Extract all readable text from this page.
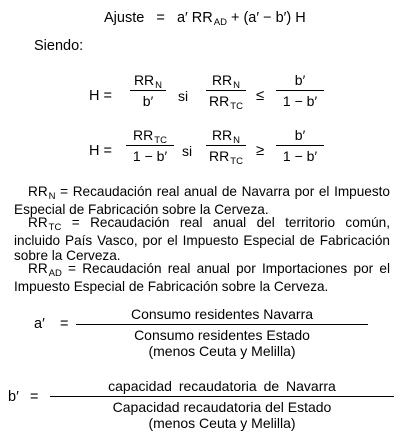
Ajuste = a′ $RR_{AD} + (a' - b')$ H
Siendo:
H =
$RR_N$
b′	si
$RR_N$
$RR_{TC}$
≤
b′
1 − b′
H =
$RR_{TC}$
1 − b′	si
$RR_N$
$RR_{TC}$
≥
b′
1 − b′
$RR_N$ = Recaudación real anual de Navarra por el Impuesto Especial de Fabricación sobre la Cerveza.
$RR_{TC}$ = Recaudación real anual del territorio común, incluido País Vasco, por el Impuesto Especial de Fabricación sobre la Cerveza.
$RR_{AD}$ = Recaudación real anual por Importaciones por el Impuesto Especial de Fabricación sobre la Cerveza.
a′ =
Consumo residentes Navarra
Consumo residentes Estado
(menos Ceuta y Melilla)
b′ =
capacidad recaudatoria de Navarra
Capacidad recaudatoria del Estado
(menos Ceuta y Melilla)
